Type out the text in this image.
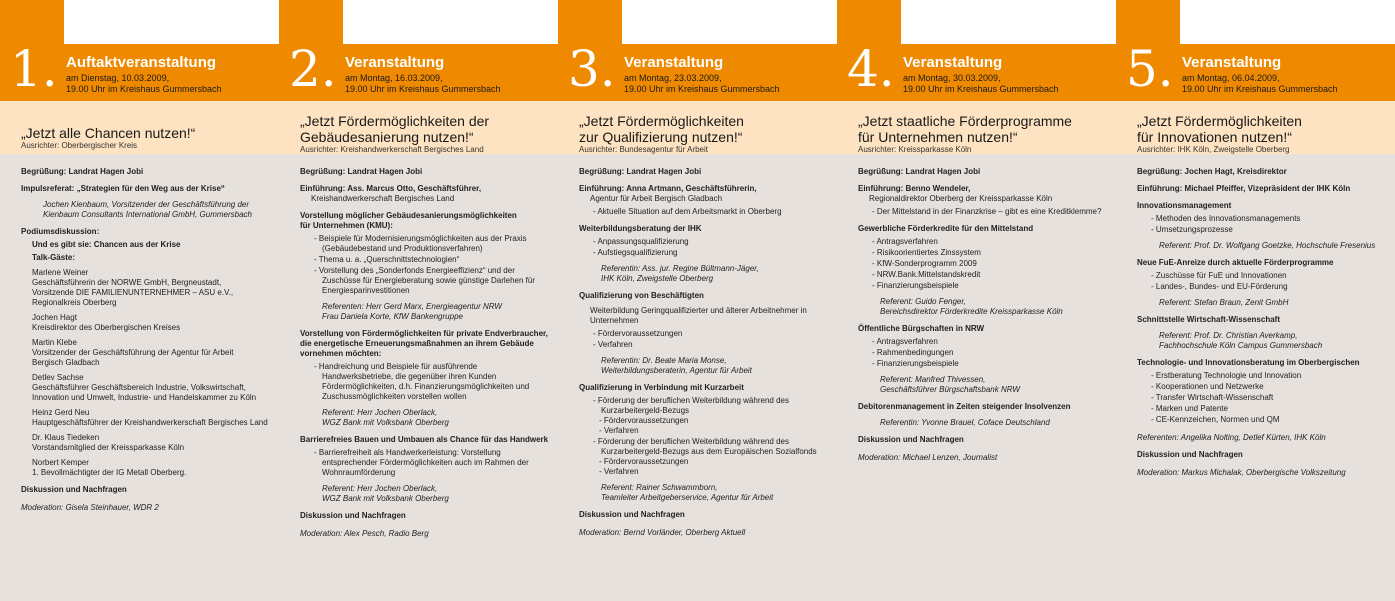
1. Auftaktveranstaltung
am Dienstag, 10.03.2009,
19.00 Uhr im Kreishaus Gummersbach
„Jetzt alle Chancen nutzen!“
Ausrichter: Oberbergischer Kreis
Begrüßung: Landrat Hagen Jobi
Impulsreferat: „Strategien für den Weg aus der Krise“
Jochen Kienbaum, Vorsitzender der Geschäftsführung der
Kienbaum Consultants International GmbH, Gummersbach
Podiumsdiskussion:
Und es gibt sie: Chancen aus der Krise
Talk-Gäste:
Marlene Weiner
Geschäftsführerin der NORWE GmbH, Bergneustadt,
Vorsitzende DIE FAMILIENUNTERNEHMER – ASU e.V.,
Regionalkreis Oberberg
Jochen Hagt
Kreisdirektor des Oberbergischen Kreises
Martin Klebe
Vorsitzender der Geschäftsführung der Agentur für Arbeit
Bergisch Gladbach
Detlev Sachse
Geschäftsführer Geschäftsbereich Industrie, Volkswirtschaft,
Innovation und Umwelt, Industrie- und Handelskammer zu Köln
Heinz Gerd Neu
Hauptgeschäftsführer der Kreishandwerkerschaft Bergisches Land
Dr. Klaus Tiedeken
Vorstandsmitglied der Kreissparkasse Köln
Norbert Kemper
1. Bevollmächtigter der IG Metall Oberberg.
Diskussion und Nachfragen
Moderation: Gisela Steinhauer, WDR 2
2. Veranstaltung
am Montag, 16.03.2009,
19.00 Uhr im Kreishaus Gummersbach
„Jetzt Fördermöglichkeiten der
Gebäudesanierung nutzen!“
Ausrichter: Kreishandwerkerschaft Bergisches Land
Begrüßung: Landrat Hagen Jobi
Einführung: Ass. Marcus Otto, Geschäftsführer,
Kreishandwerkerschaft Bergisches Land
Vorstellung möglicher Gebäudesanierungsmöglichkeiten
für Unternehmen (KMU):
- Beispiele für Modernisierungsmöglichkeiten aus der Praxis (Gebäudebestand und Produktionsverfahren)
- Thema u. a. „Querschnittstechnologien“
- Vorstellung des „Sonderfonds Energieeffizienz“ und der Zuschüsse für Energieberatung sowie günstige Darlehen für Energiesparinvestitionen
Referenten: Herr Gerd Marx, Energieagentur NRW
Frau Daniela Korte, KfW Bankengruppe
Vorstellung von Fördermöglichkeiten für private Endverbraucher, die energetische Erneuerungsmaßnahmen an ihrem Gebäude vornehmen möchten:
- Handreichung und Beispiele für ausführende Handwerksbetriebe, die gegenüber ihren Kunden Fördermöglichkeiten, d.h. Finanzierungsmöglichkeiten und Zuschussmöglichkeiten vorstellen wollen
Referent: Herr Jochen Oberlack,
WGZ Bank mit Volksbank Oberberg
Barrierefreies Bauen und Umbauen als Chance für das Handwerk
- Barrierefreiheit als Handwerkerleistung: Vorstellung entsprechender Fördermöglichkeiten auch im Rahmen der Wohnraumförderung
Referent: Herr Jochen Oberlack,
WGZ Bank mit Volksbank Oberberg
Diskussion und Nachfragen
Moderation: Alex Pesch, Radio Berg
3. Veranstaltung
am Montag, 23.03.2009,
19.00 Uhr im Kreishaus Gummersbach
„Jetzt Fördermöglichkeiten
zur Qualifizierung nutzen!“
Ausrichter: Bundesagentur für Arbeit
Begrüßung: Landrat Hagen Jobi
Einführung: Anna Artmann, Geschäftsführerin,
Agentur für Arbeit Bergisch Gladbach
- Aktuelle Situation auf dem Arbeitsmarkt in Oberberg
Weiterbildungsberatung der IHK
- Anpassungsqualifizierung
- Aufstiegsqualifizierung
Referentin: Ass. jur. Regine Bültmann-Jäger,
IHK Köln, Zweigstelle Oberberg
Qualifizierung von Beschäftigten
Weiterbildung Geringqualifizierter und älterer Arbeitnehmer in Unternehmen
- Fördervoraussetzungen
- Verfahren
Referentin: Dr. Beate Maria Monse,
Weiterbildungsberaterin, Agentur für Arbeit
Qualifizierung in Verbindung mit Kurzarbeit
- Förderung der beruflichen Weiterbildung während des Kurzarbeitergeld-Bezugs
- Fördervoraussetzungen
- Verfahren
- Förderung der beruflichen Weiterbildung während des Kurzarbeitergeld-Bezugs aus dem Europäischen Sozialfonds
- Fördervoraussetzungen
- Verfahren
Referent: Rainer Schwammborn,
Teamleiter Arbeitgeberservice, Agentur für Arbeit
Diskussion und Nachfragen
Moderation: Bernd Vorländer, Oberberg Aktuell
4. Veranstaltung
am Montag, 30.03.2009,
19.00 Uhr im Kreishaus Gummersbach
„Jetzt staatliche Förderprogramme
für Unternehmen nutzen!“
Ausrichter: Kreissparkasse Köln
Begrüßung: Landrat Hagen Jobi
Einführung: Benno Wendeler,
Regionaldirektor Oberberg der Kreissparkasse Köln
- Der Mittelstand in der Finanzkrise – gibt es eine Kreditklemme?
Gewerbliche Förderkredite für den Mittelstand
- Antragsverfahren
- Risikoorientiertes Zinssystem
- KfW-Sonderprogramm 2009
- NRW.Bank.Mittelstandskredit
- Finanzierungsbeispiele
Referent: Guido Fenger,
Bereichsdirektor Förderkredite Kreissparkasse Köln
Öffentliche Bürgschaften in NRW
- Antragsverfahren
- Rahmenbedingungen
- Finanzierungsbeispiele
Referent: Manfred Thivessen,
Geschäftsführer Bürgschaftsbank NRW
Debitorenmanagement in Zeiten steigender Insolvenzen
Referentin: Yvonne Brauel, Coface Deutschland
Diskussion und Nachfragen
Moderation: Michael Lenzen, Journalist
5. Veranstaltung
am Montag, 06.04.2009,
19.00 Uhr im Kreishaus Gummersbach
„Jetzt Fördermöglichkeiten
für Innovationen nutzen!“
Ausrichter: IHK Köln, Zweigstelle Oberberg
Begrüßung: Jochen Hagt, Kreisdirektor
Einführung: Michael Pfeiffer, Vizepräsident der IHK Köln
Innovationsmanagement
- Methoden des Innovationsmanagements
- Umsetzungsprozesse
Referent: Prof. Dr. Wolfgang Goetzke, Hochschule Fresenius
Neue FuE-Anreize durch aktuelle Förderprogramme
- Zuschüsse für FuE und Innovationen
- Landes-, Bundes- und EU-Förderung
Referent: Stefan Braun, Zenit GmbH
Schnittstelle Wirtschaft-Wissenschaft
Referent: Prof. Dr. Christian Averkamp,
Fachhochschule Köln Campus Gummersbach
Technologie- und Innovationsberatung im Oberbergischen
- Erstberatung Technologie und Innovation
- Kooperationen und Netzwerke
- Transfer Wirtschaft-Wissenschaft
- Marken und Patente
- CE-Kennzeichen, Normen und QM
Referenten: Angelika Nolting, Detlef Kürten, IHK Köln
Diskussion und Nachfragen
Moderation: Markus Michalak, Oberbergische Volkszeitung
